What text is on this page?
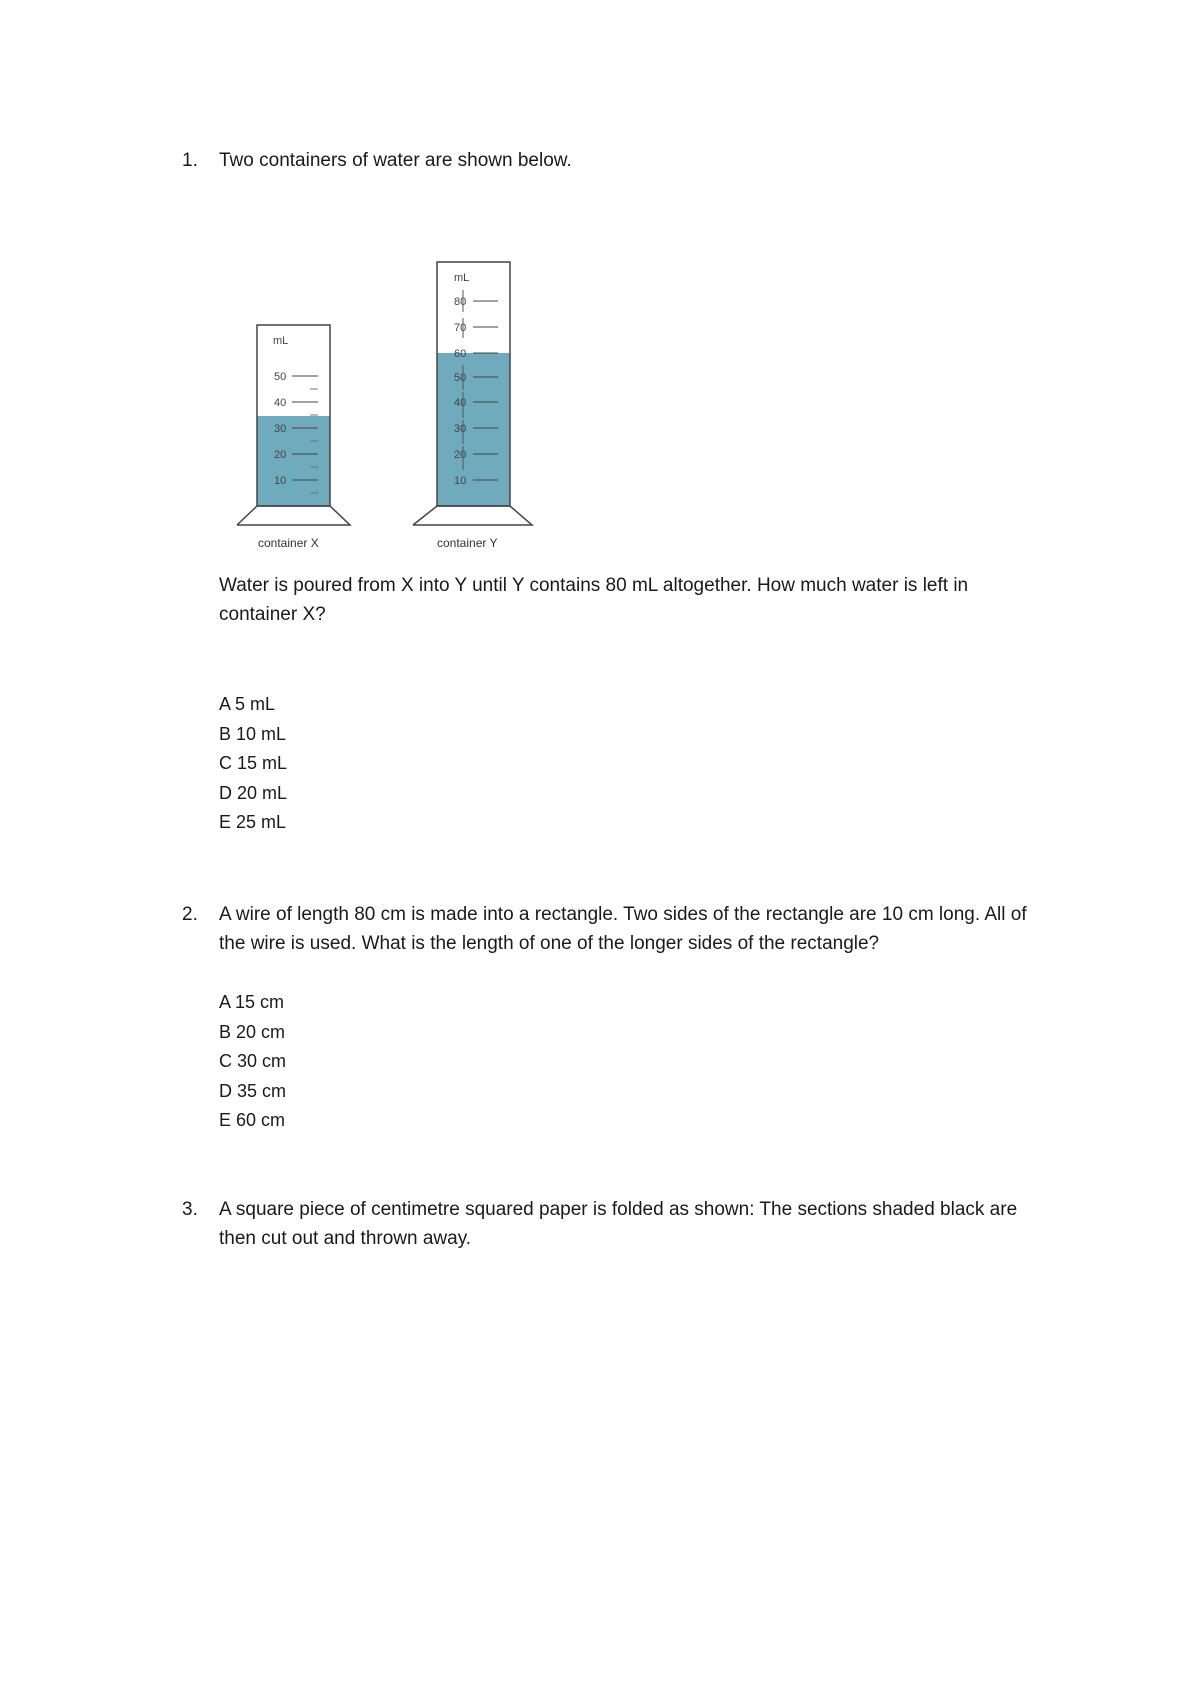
1. Two containers of water are shown below.
mL
50
40
30
20
10
container X
mL
80
70
60
50
40
30
20
10
container Y
Water is poured from X into Y until Y contains 80 mL altogether. How much water is left in container X?
A 5 mL
B 10 mL
C 15 mL
D 20 mL
E 25 mL
2. A wire of length 80 cm is made into a rectangle. Two sides of the rectangle are 10 cm long. All of the wire is used. What is the length of one of the longer sides of the rectangle?
A 15 cm
B 20 cm
C 30 cm
D 35 cm
E 60 cm
3. A square piece of centimetre squared paper is folded as shown: The sections shaded black are then cut out and thrown away.
